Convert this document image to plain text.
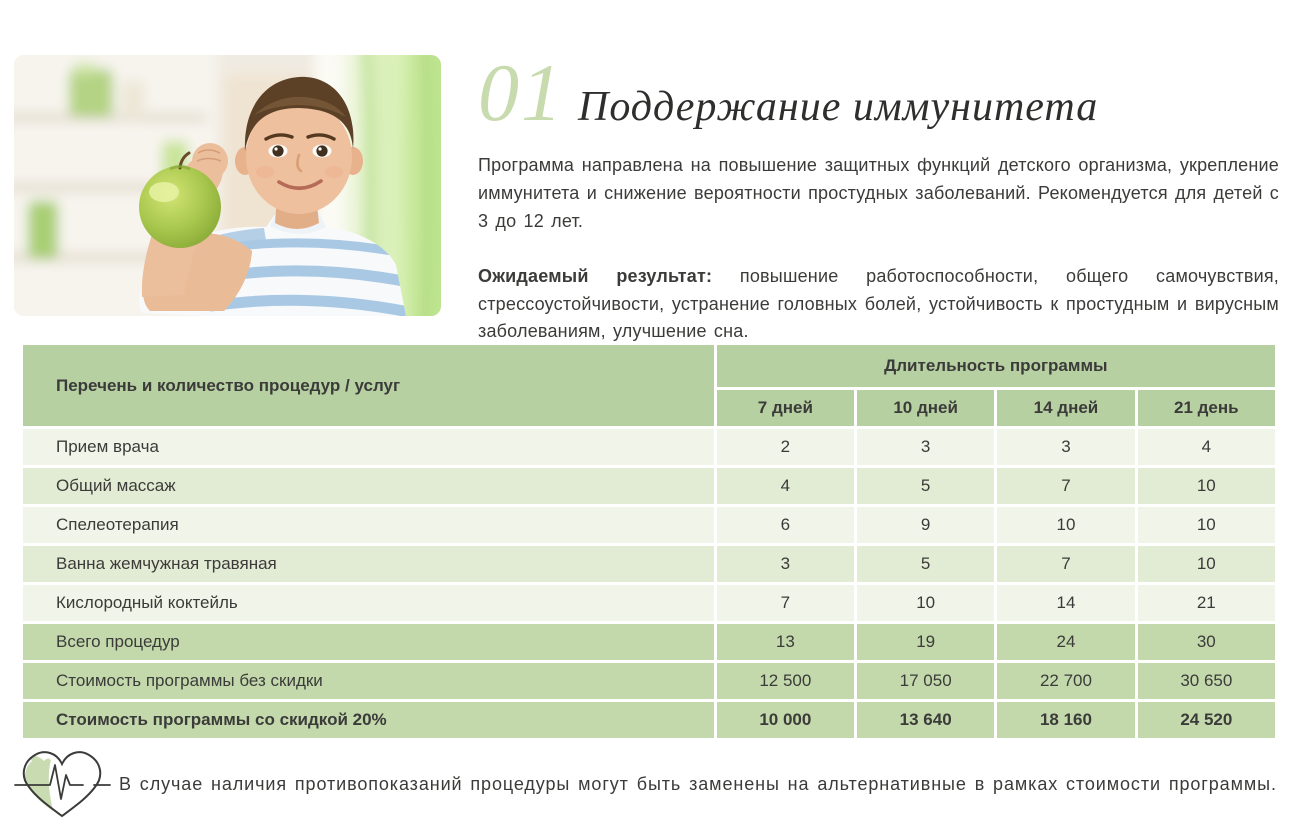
01 Поддержание иммунитета

Программа направлена на повышение защитных функций детского организма, укрепление иммунитета и снижение вероятности простудных заболеваний. Рекомендуется для детей с 3 до 12 лет.

Ожидаемый результат: повышение работоспособности, общего самочувствия, стрессоустойчивости, устранение головных болей, устойчивость к простудным и вирусным заболеваниям, улучшение сна.

Перечень и количество процедур / услуг	Длительность программы			
	7 дней	10 дней	14 дней	21 день
Прием врача	2	3	3	4
Общий массаж	4	5	7	10
Спелеотерапия	6	9	10	10
Ванна жемчужная травяная	3	5	7	10
Кислородный коктейль	7	10	14	21
Всего процедур	13	19	24	30
Стоимость программы без скидки	12 500	17 050	22 700	30 650
Стоимость программы со скидкой 20%	10 000	13 640	18 160	24 520

В случае наличия противопоказаний процедуры могут быть заменены на альтернативные в рамках стоимости программы.
